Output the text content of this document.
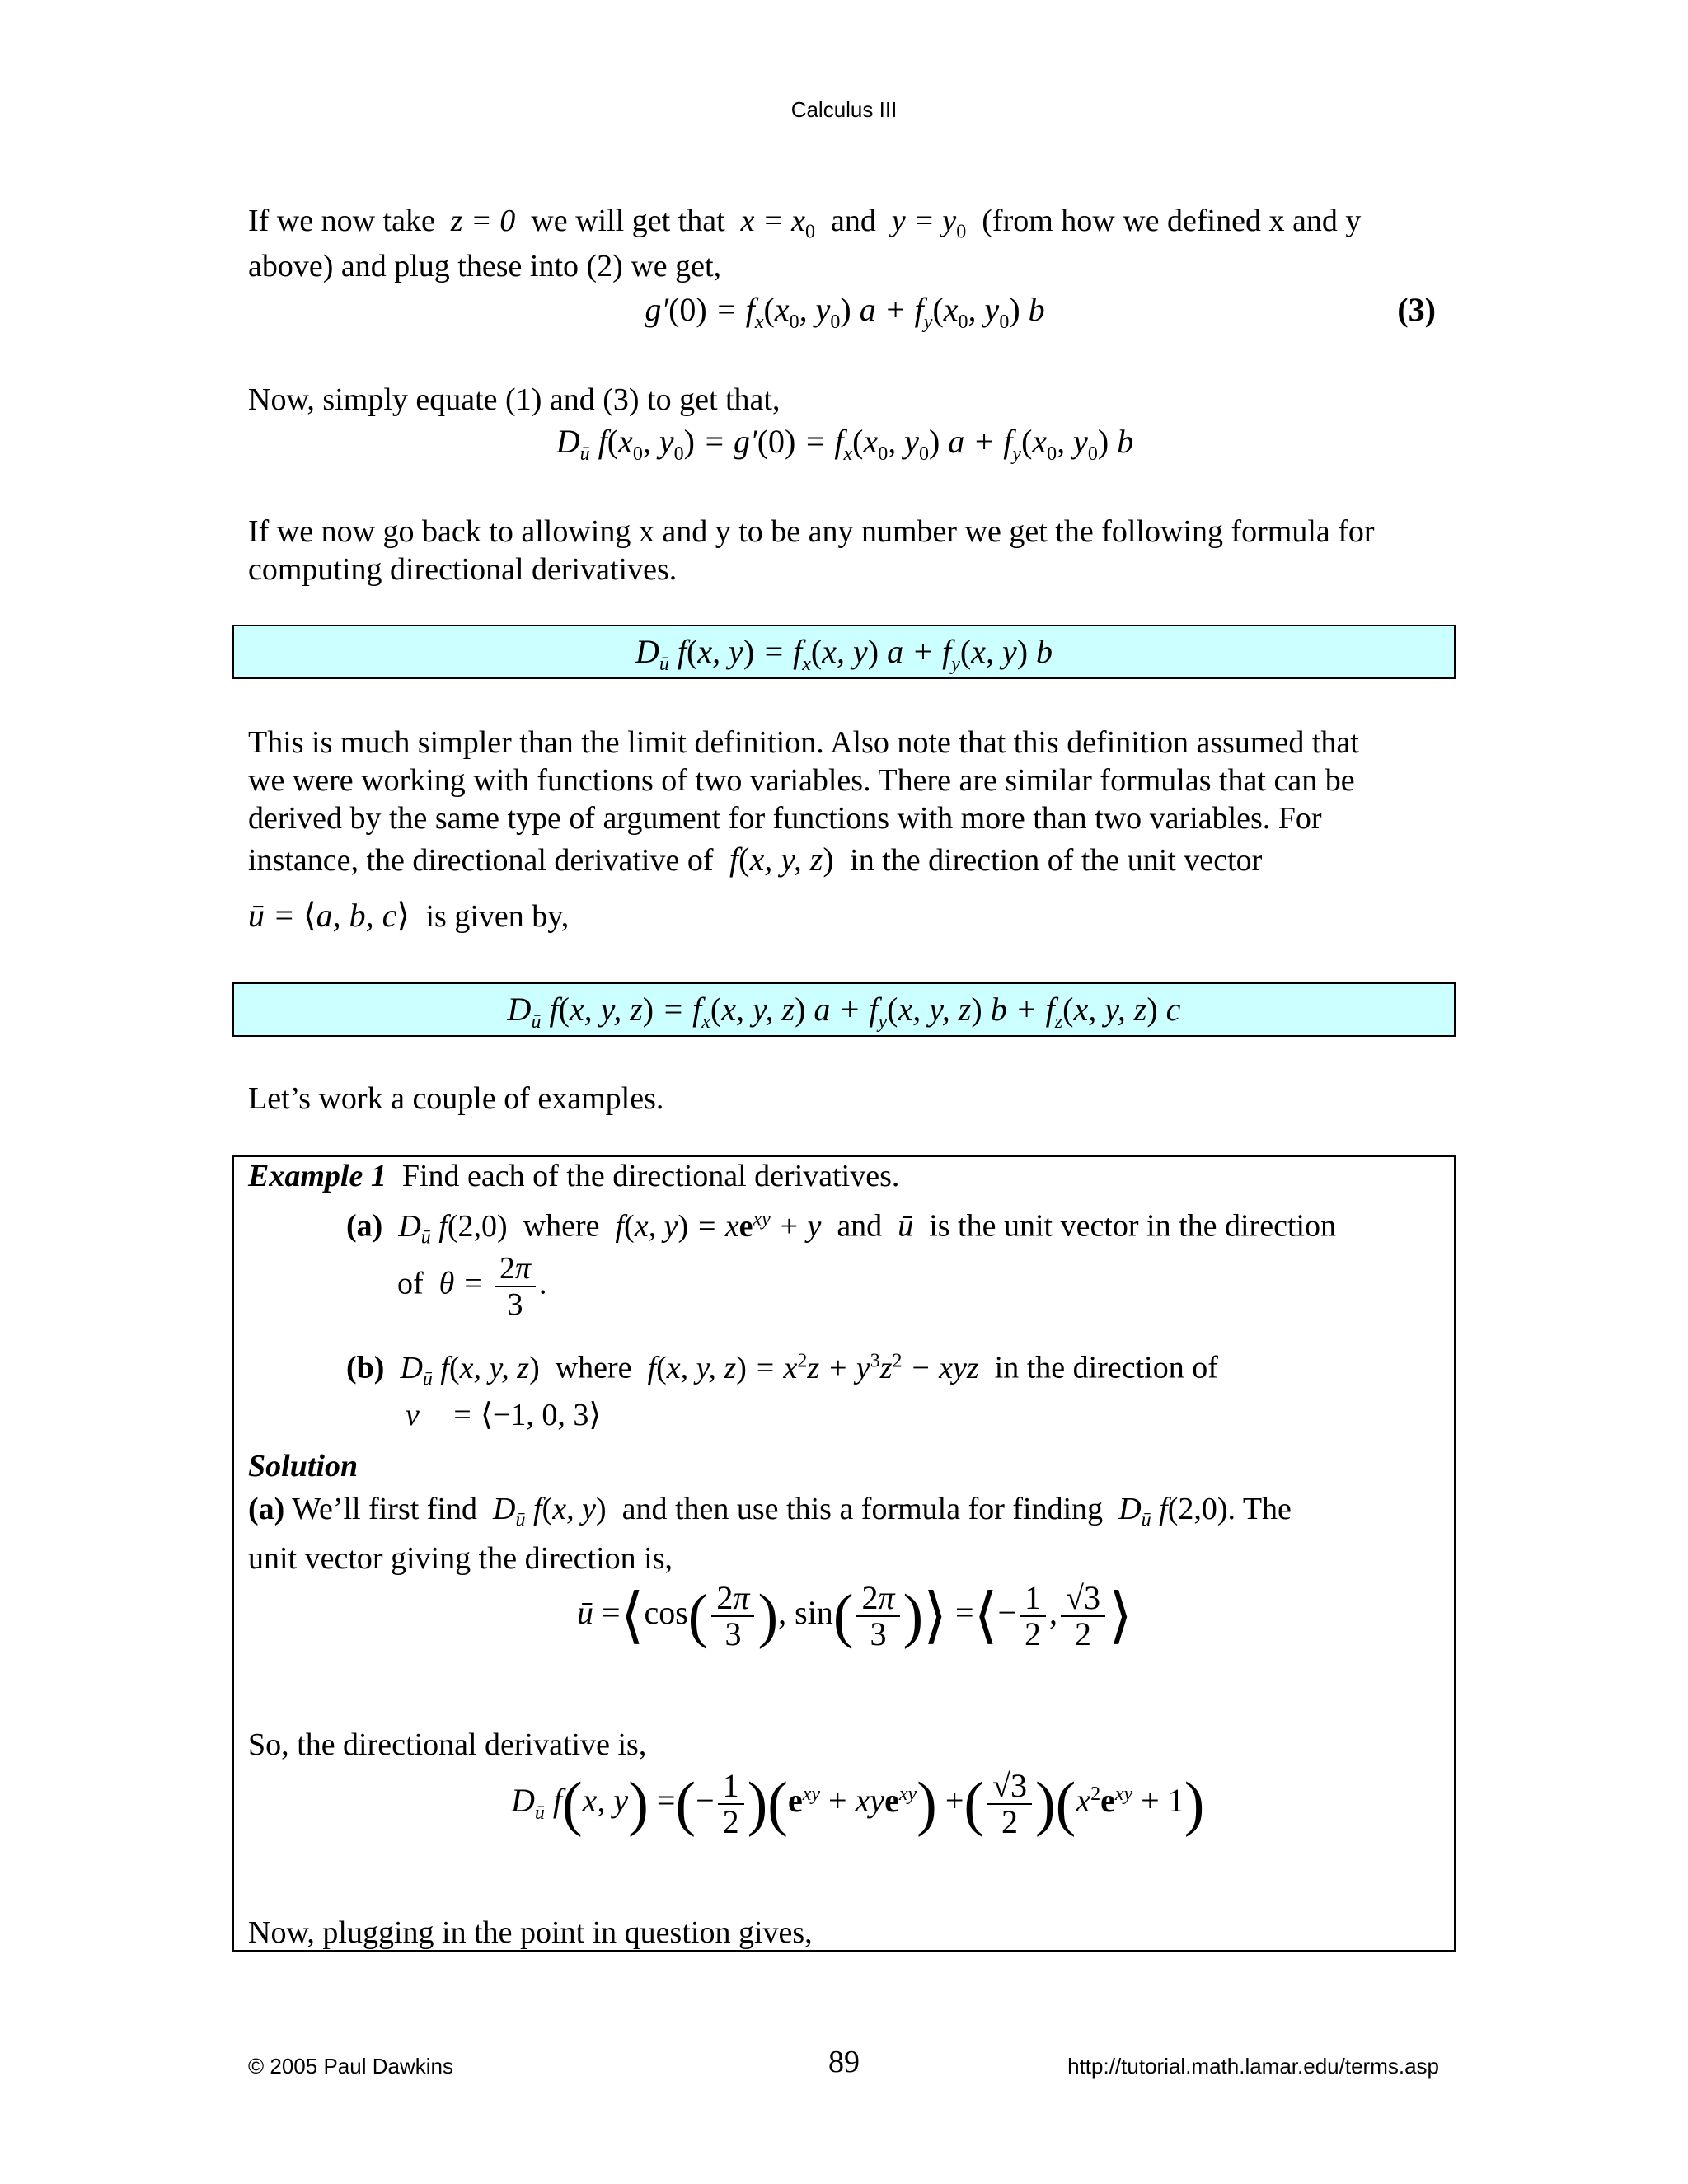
Calculus III
If we now take  z = 0  we will get that  $x = x_0$ and  $y = y_0$ (from how we defined x and y
above) and plug these into (2) we get,
$g'(0) = f_x(x_0$, $y_0$) $a + f_y(x_0$, $y_0$) b	(3)
Now, simply equate (1) and (3) to get that,
$D_ū$ $f(x_0$, $y_0) = g'(0) = f_x(x_0$, $y_0$) $a + f_y(x_0$, $y_0$) b
If we now go back to allowing x and y to be any number we get the following formula for computing directional derivatives.
$D_ū$ f(x, $y) = f_x(x$, y) $a + f_y(x$, y) b
This is much simpler than the limit definition. Also note that this definition assumed that
we were working with functions of two variables. There are similar formulas that can be
derived by the same type of argument for functions with more than two variables. For
instance, the directional derivative of  f(x, y, z) in the direction of the unit vector
ū = ⟨a, b, c⟩ is given by,
$D_ū$ f(x, y, $z) = f_x(x$, y, z) $a + f_y(x$, y, z) $b + f_z(x$, y, z) c
Let’s work a couple of examples.
Example 1 Find each of the directional derivatives.
(a)  $D_ū$ f(2,0) where  f(x, $y) = xe^{xy} + y$  and  ū  is the unit vector in the direction
of  $\theta = \frac{2\pi}{3}$ .
(b)  $D_ū$ f(x, y, z) where  f(x, y, $z) = x^2z + y^3z^2$ − xyz  in the direction of
v⃗ = ⟨−1, 0, 3⟩
Solution
(a) We’ll first find  $D_ū$ f(x, y) and then use this a formula for finding  $D_ū$ f(2,0). The
unit vector giving the direction is,
ū =⟨cos( $\frac{2\pi}{3}$ ), $\sin( \frac{2\pi}{3}$ )⟩ =⟨− $\frac{1}{2}$ , $\frac{√3}{2}$ ⟩
So, the directional derivative is,
$D_ū$ f(x, y) =(− $\frac{1}{2} )(e^{xy} + xye^{xy})$ +( $\frac{√3}{2} )(x^2e^{xy} + 1)$
Now, plugging in the point in question gives,
© 2005 Paul Dawkins	89	http://tutorial.math.lamar.edu/terms.asp
